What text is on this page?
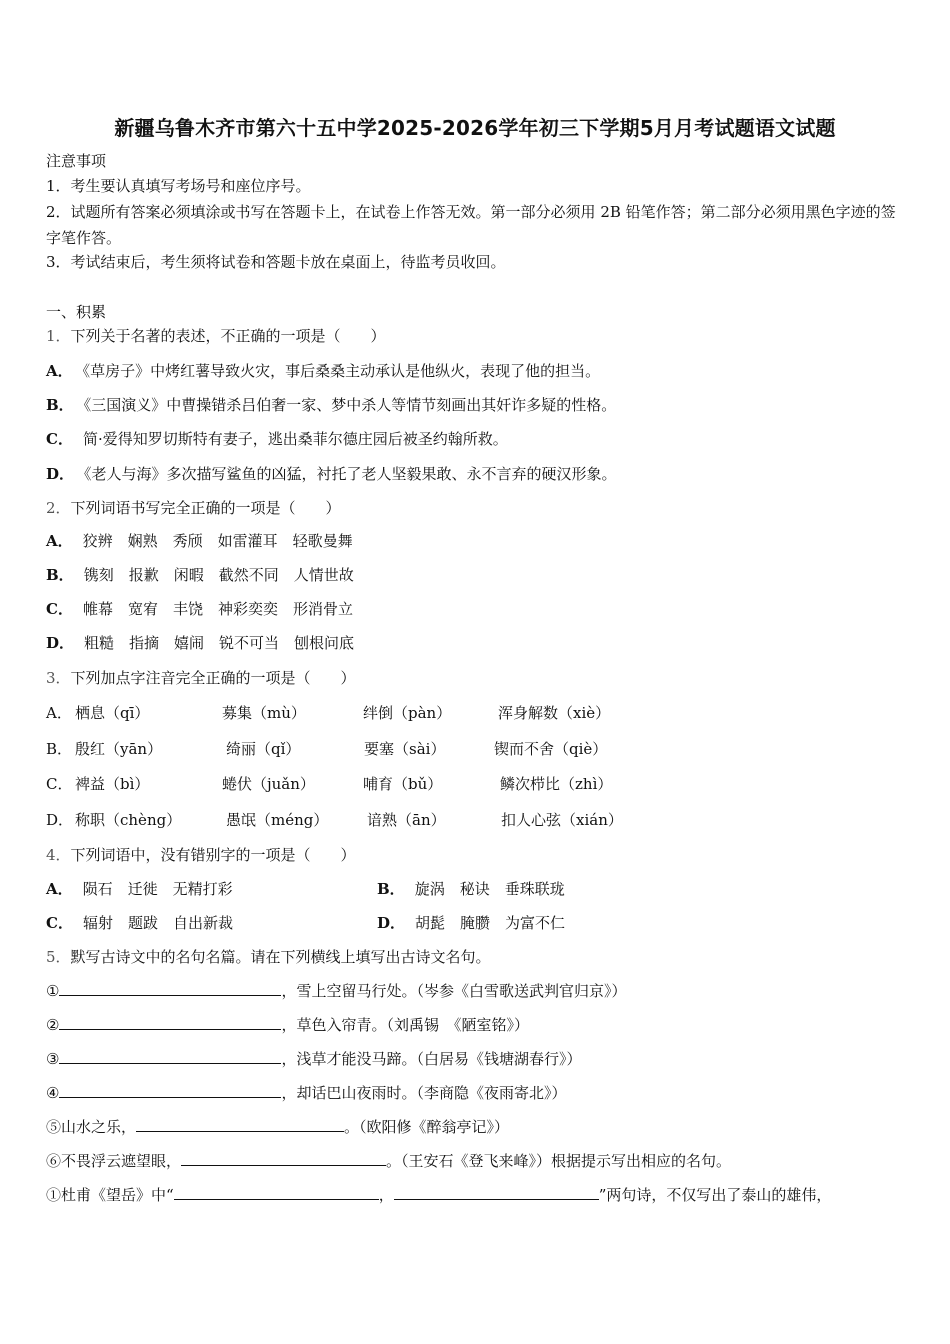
新疆乌鲁木齐市第六十五中学2025-2026学年初三下学期5月月考试题语文试题
注意事项
1．考生要认真填写考场号和座位序号。
2．试题所有答案必须填涂或书写在答题卡上，在试卷上作答无效。第一部分必须用 2B 铅笔作答；第二部分必须用黑色字迹的签字笔作答。
3．考试结束后，考生须将试卷和答题卡放在桌面上，待监考员收回。
一、积累
1．下列关于名著的表述，不正确的一项是（　　）
A． 《草房子》中烤红薯导致火灾，事后桑桑主动承认是他纵火，表现了他的担当。
B． 《三国演义》中曹操错杀吕伯奢一家、梦中杀人等情节刻画出其奸诈多疑的性格。
C． 简·爱得知罗切斯特有妻子，逃出桑菲尔德庄园后被圣约翰所救。
D． 《老人与海》多次描写鲨鱼的凶猛，衬托了老人坚毅果敢、永不言弃的硬汉形象。
2．下列词语书写完全正确的一项是（　　）
A． 狡辨　娴熟　秀颀　如雷灌耳　轻歌曼舞
B． 镌刻　报歉　闲暇　截然不同　人情世故
C． 帷幕　宽宥　丰饶　神彩奕奕　形消骨立
D． 粗糙　指摘　嬉闹　锐不可当　刨根问底
3．下列加点字注音完全正确的一项是（　　）
A． 栖息（qī）	募集（mù）	绊倒（pàn）	浑身解数（xiè）
B． 殷红（yān）	绮丽（qǐ）	要塞（sài）	锲而不舍（qiè）
C． 裨益（bì）	蜷伏（juǎn）	哺育（bǔ）	鳞次栉比（zhì）
D． 称职（chèng）	愚氓（méng）	谙熟（ān）	扣人心弦（xián）
4．下列词语中，没有错别字的一项是（　　）
A． 陨石　迁徙　无精打彩	B． 旋涡　秘诀　垂珠联珑
C． 辐射　题跋　自出新裁	D． 胡髭　腌臜　为富不仁
5．默写古诗文中的名句名篇。请在下列横线上填写出古诗文名句。
①	，雪上空留马行处。（岑参《白雪歌送武判官归京》）
②	，草色入帘青。（刘禹锡　《陋室铭》）
③	，浅草才能没马蹄。（白居易《钱塘湖春行》）
④	，却话巴山夜雨时。（李商隐《夜雨寄北》）
⑤山水之乐，	。（欧阳修《醉翁亭记》）
⑥不畏浮云遮望眼，	。（王安石《登飞来峰》）根据提示写出相应的名句。
①杜甫《望岳》中“	，	”两句诗，不仅写出了泰山的雄伟，
